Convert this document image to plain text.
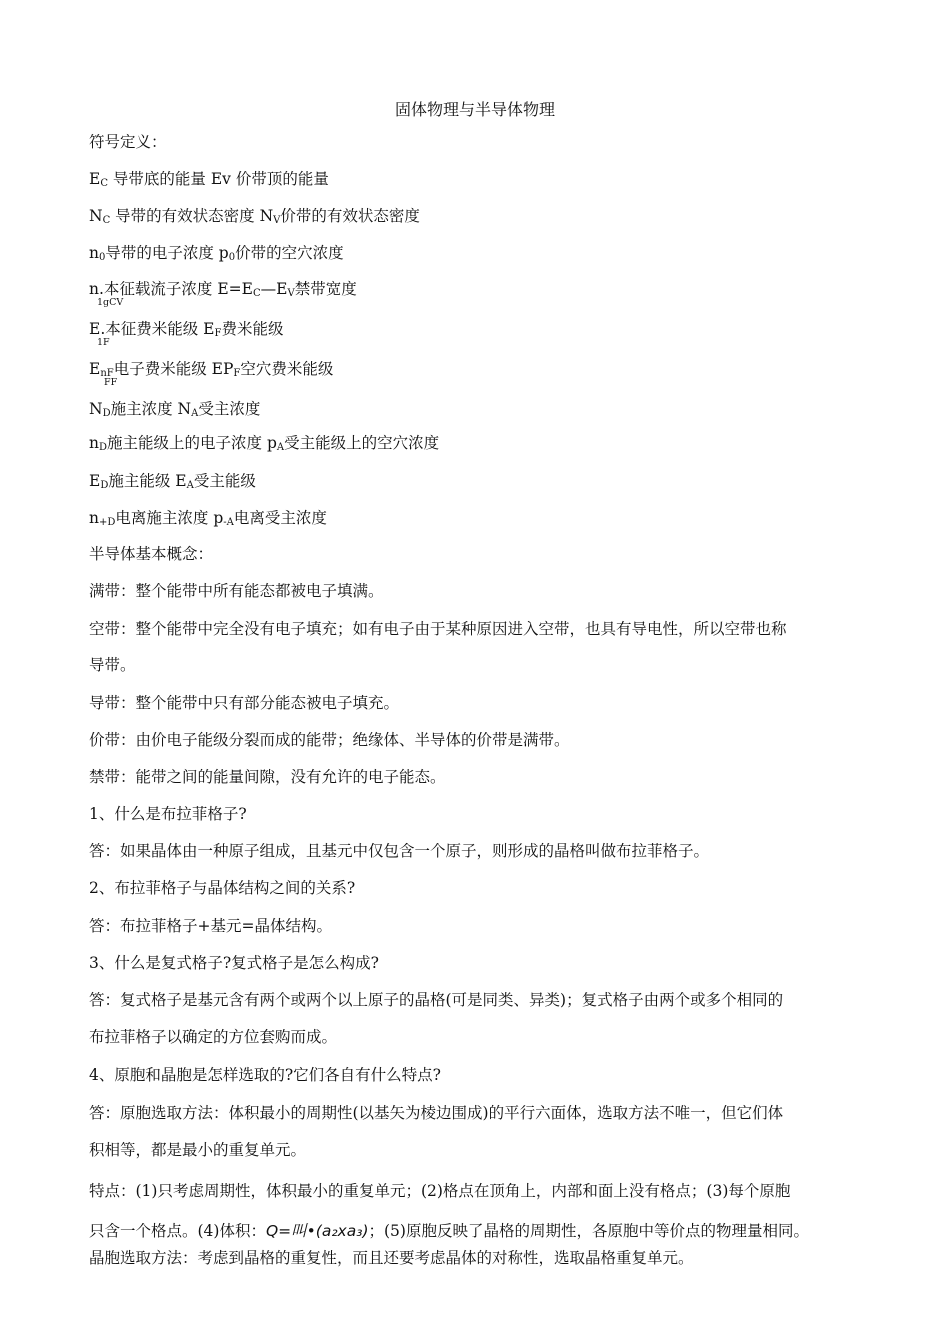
固体物理与半导体物理
符号定义：
$E_C$ 导带底的能量 Ev 价带顶的能量
$N_C$ 导带的有效状态密度 $N_V$价带的有效状态密度
$n_0$导带的电子浓度 $p_0$价带的空穴浓度
n.本征载流子浓度 $E=E_C—E_V$禁带宽度
1gCV
E.本征费米能级 $E_F$费米能级
1F
$E_{nF}$电子费米能级 $EP_F$空穴费米能级
FF
$N_D$施主浓度 $N_A$受主浓度
$n_D$施主能级上的电子浓度 $p_A$受主能级上的空穴浓度
$E_D$施主能级 $E_A$受主能级
$n_{+D}$电离施主浓度 $p_{-A}$电离受主浓度
半导体基本概念：
满带：整个能带中所有能态都被电子填满。
空带：整个能带中完全没有电子填充；如有电子由于某种原因进入空带，也具有导电性，所以空带也称
导带。
导带：整个能带中只有部分能态被电子填充。
价带：由价电子能级分裂而成的能带；绝缘体、半导体的价带是满带。
禁带：能带之间的能量间隙，没有允许的电子能态。
1、什么是布拉菲格子?
答：如果晶体由一种原子组成，且基元中仅包含一个原子，则形成的晶格叫做布拉菲格子。
2、布拉菲格子与晶体结构之间的关系?
答：布拉菲格子+基元=晶体结构。
3、什么是复式格子?复式格子是怎么构成?
答：复式格子是基元含有两个或两个以上原子的晶格(可是同类、异类)；复式格子由两个或多个相同的
布拉菲格子以确定的方位套购而成。
4、原胞和晶胞是怎样选取的?它们各自有什么特点?
答：原胞选取方法：体积最小的周期性(以基矢为棱边围成)的平行六面体，选取方法不唯一，但它们体
积相等，都是最小的重复单元。
特点：(1)只考虑周期性，体积最小的重复单元；(2)格点在顶角上，内部和面上没有格点；(3)每个原胞
只含一个格点。(4)体积：Q=叫•(a₂xa₃)；(5)原胞反映了晶格的周期性，各原胞中等价点的物理量相同。
晶胞选取方法：考虑到晶格的重复性，而且还要考虑晶体的对称性，选取晶格重复单元。
